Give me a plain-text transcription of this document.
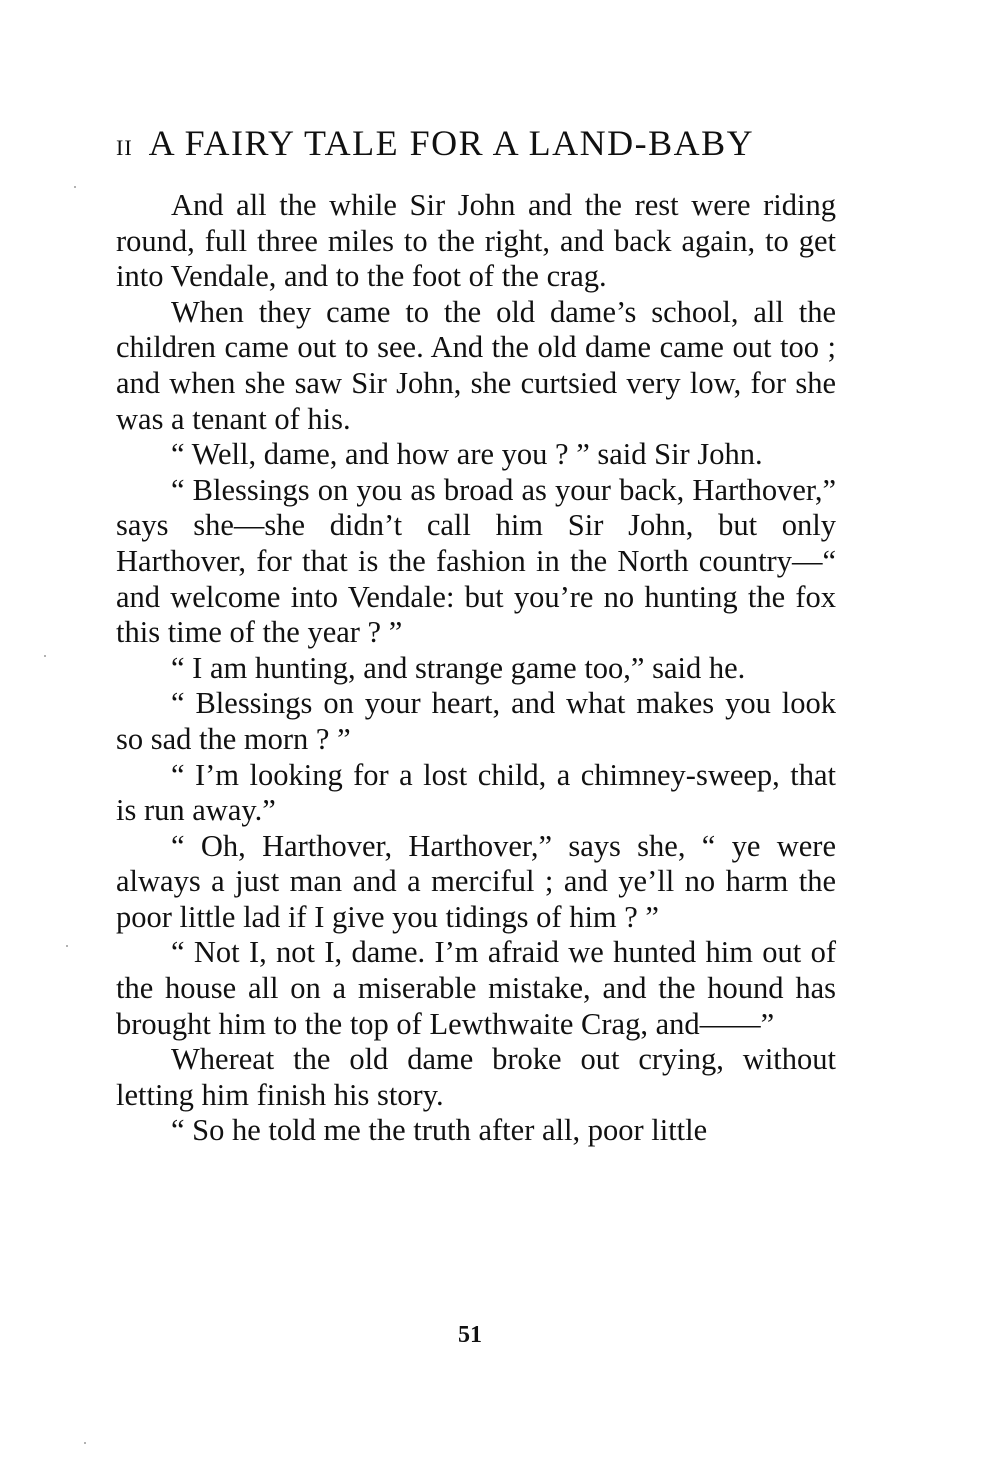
II A FAIRY TALE FOR A LAND-BABY

And all the while Sir John and the rest were riding round, full three miles to the right, and back again, to get into Vendale, and to the foot of the crag.

When they came to the old dame’s school, all the children came out to see. And the old dame came out too ; and when she saw Sir John, she curtsied very low, for she was a tenant of his.

“ Well, dame, and how are you ? ” said Sir John.

“ Blessings on you as broad as your back, Harthover,” says she—she didn’t call him Sir John, but only Harthover, for that is the fashion in the North country—“ and welcome into Vendale: but you’re no hunting the fox this time of the year ? ”

“ I am hunting, and strange game too,” said he.

“ Blessings on your heart, and what makes you look so sad the morn ? ”

“ I’m looking for a lost child, a chimney-sweep, that is run away.”

“ Oh, Harthover, Harthover,” says she, “ ye were always a just man and a merciful ; and ye’ll no harm the poor little lad if I give you tidings of him ? ”

“ Not I, not I, dame. I’m afraid we hunted him out of the house all on a miserable mistake, and the hound has brought him to the top of Lewthwaite Crag, and——”

Whereat the old dame broke out crying, without letting him finish his story.

“ So he told me the truth after all, poor little

51
